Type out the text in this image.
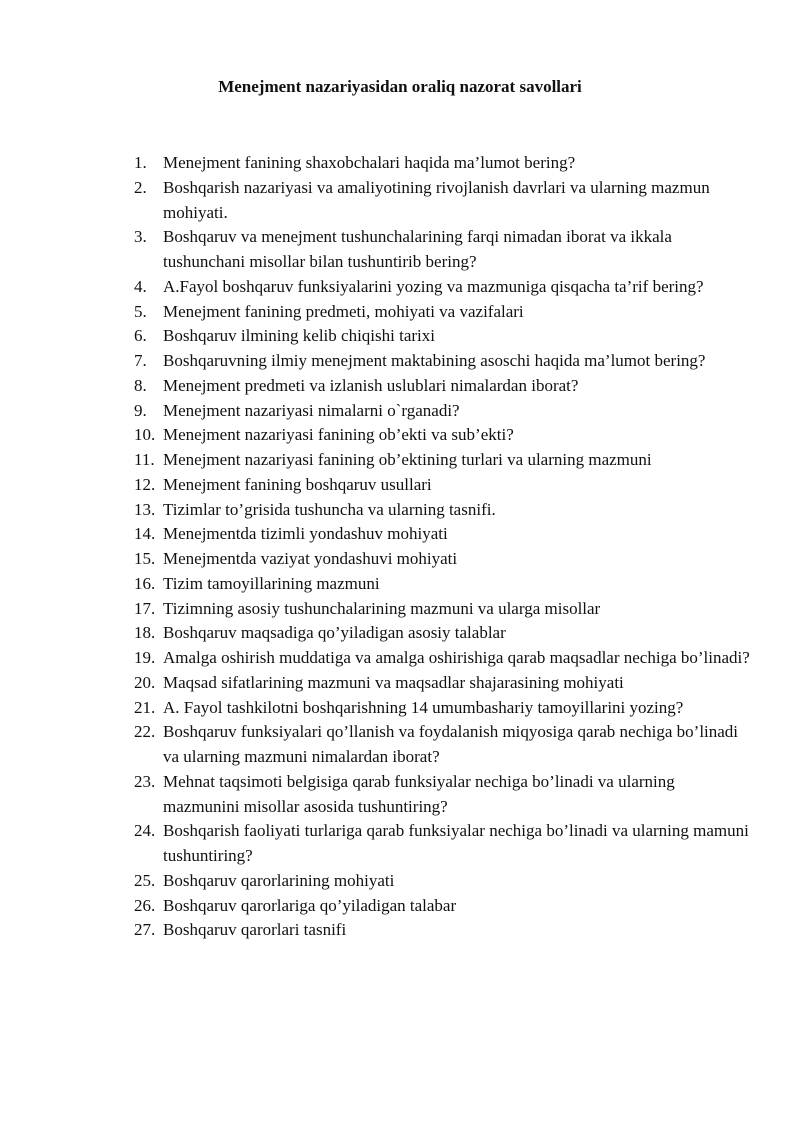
Menejment nazariyasidan oraliq nazorat savollari
1. Menejment fanining shaxobchalari haqida ma’lumot bering?
2. Boshqarish nazariyasi va amaliyotining rivojlanish davrlari va ularning mazmun mohiyati.
3. Boshqaruv va menejment tushunchalarining farqi nimadan iborat va ikkala tushunchani misollar bilan tushuntirib bering?
4. A.Fayol boshqaruv funksiyalarini yozing va mazmuniga qisqacha ta’rif bering?
5. Menejment fanining predmeti, mohiyati va vazifalari
6. Boshqaruv ilmining kelib chiqishi tarixi
7. Boshqaruvning ilmiy menejment maktabining asoschi haqida ma’lumot bering?
8. Menejment predmeti va izlanish uslublari nimalardan iborat?
9. Menejment nazariyasi nimalarni o`rganadi?
10. Menejment nazariyasi fanining ob’ekti va sub’ekti?
11. Menejment nazariyasi fanining ob’ektining turlari va ularning mazmuni
12. Menejment fanining boshqaruv usullari
13. Tizimlar to’grisida tushuncha va ularning tasnifi.
14. Menejmentda tizimli yondashuv mohiyati
15. Menejmentda vaziyat yondashuvi mohiyati
16. Tizim tamoyillarining mazmuni
17. Tizimning asosiy tushunchalarining mazmuni va ularga misollar
18. Boshqaruv maqsadiga qo’yiladigan asosiy talablar
19. Amalga oshirish muddatiga va amalga oshirishiga qarab maqsadlar nechiga bo’linadi?
20. Maqsad sifatlarining mazmuni va maqsadlar shajarasining mohiyati
21. A. Fayol tashkilotni boshqarishning 14 umumbashariy tamoyillarini yozing?
22. Boshqaruv funksiyalari qo’llanish va foydalanish miqyosiga qarab nechiga bo’linadi va ularning mazmuni nimalardan iborat?
23. Mehnat taqsimoti belgisiga qarab funksiyalar nechiga bo’linadi va ularning mazmunini misollar asosida tushuntiring?
24. Boshqarish faoliyati turlariga qarab funksiyalar nechiga bo’linadi va ularning mamuni tushuntiring?
25. Boshqaruv qarorlarining mohiyati
26. Boshqaruv qarorlariga qo’yiladigan talabar
27. Boshqaruv qarorlari tasnifi
